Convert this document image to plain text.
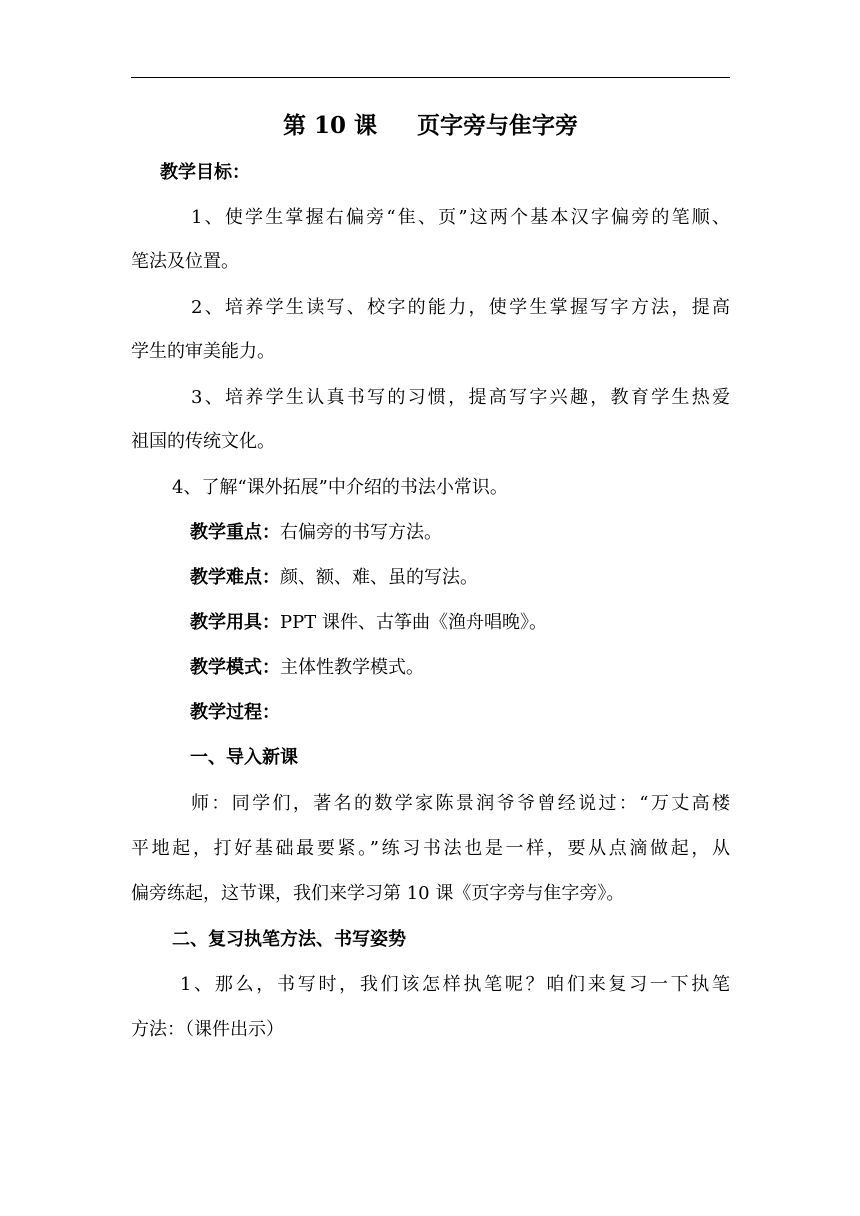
第 10 课 页字旁与隹字旁
教学目标：
1、使学生掌握右偏旁“隹、页”这两个基本汉字偏旁的笔顺、
笔法及位置。
2、培养学生读写、校字的能力，使学生掌握写字方法，提高
学生的审美能力。
3、培养学生认真书写的习惯，提高写字兴趣，教育学生热爱
祖国的传统文化。
4、了解“课外拓展”中介绍的书法小常识。
教学重点：右偏旁的书写方法。
教学难点：颜、额、难、虽的写法。
教学用具：PPT 课件、古筝曲《渔舟唱晚》。
教学模式：主体性教学模式。
教学过程：
一、导入新课
师：同学们，著名的数学家陈景润爷爷曾经说过：“万丈高楼
平地起，打好基础最要紧。”练习书法也是一样，要从点滴做起，从
偏旁练起，这节课，我们来学习第 10 课《页字旁与隹字旁》。
二、复习执笔方法、书写姿势
1、那么，书写时，我们该怎样执笔呢？咱们来复习一下执笔
方法：（课件出示）
